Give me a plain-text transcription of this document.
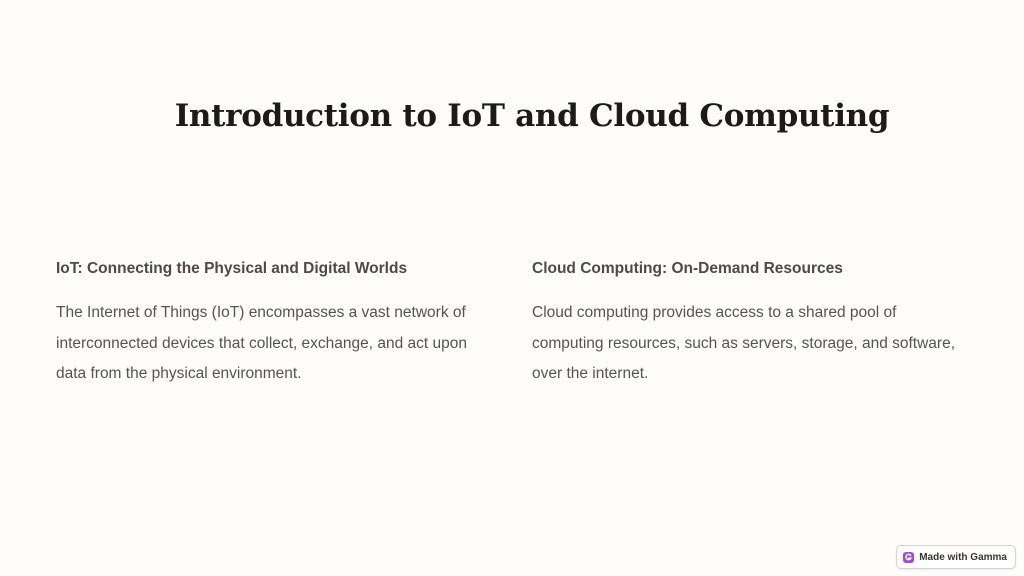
Introduction to IoT and Cloud Computing
IoT: Connecting the Physical and Digital Worlds

The Internet of Things (IoT) encompasses a vast network of interconnected devices that collect, exchange, and act upon data from the physical environment.

Cloud Computing: On-Demand Resources

Cloud computing provides access to a shared pool of computing resources, such as servers, storage, and software, over the internet.

Made with Gamma
